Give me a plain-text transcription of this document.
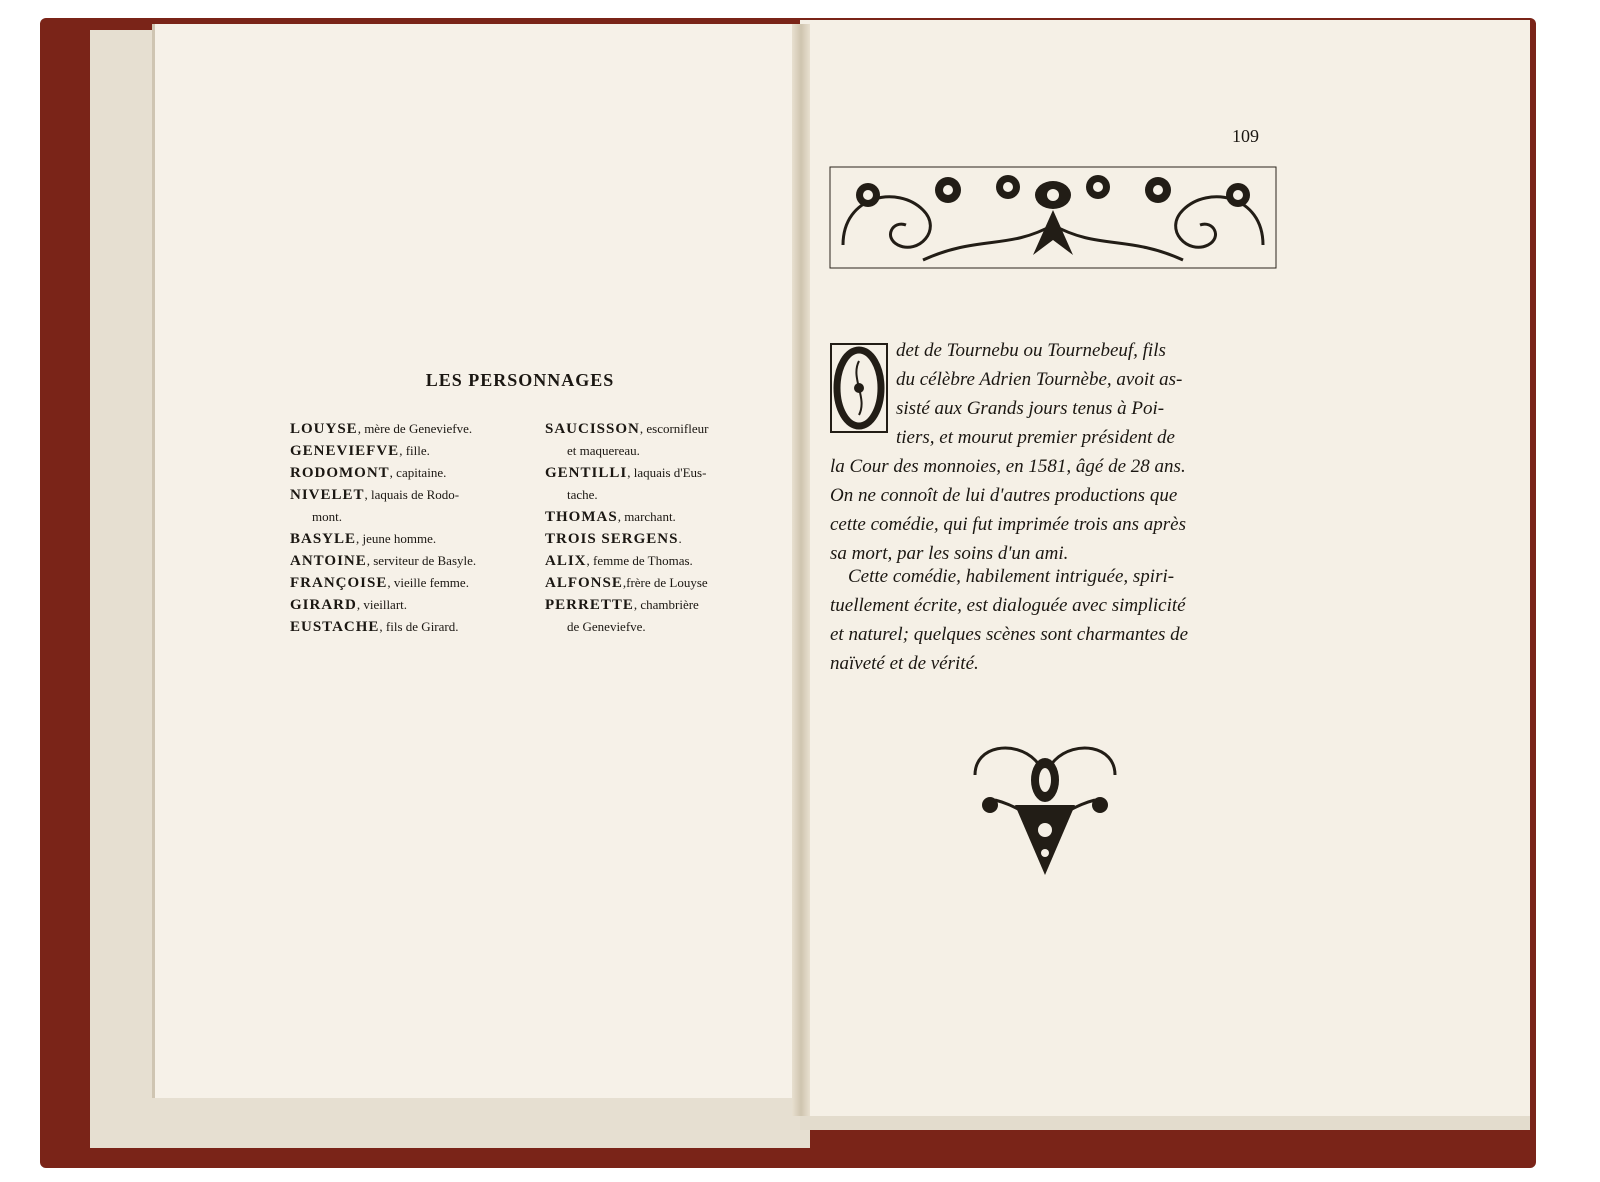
LES PERSONNAGES
LOUYSE, mère de Geneviefve.
GENEVIEFVE, fille.
RODOMONT, capitaine.
NIVELET, laquais de Rodo-
mont.
BASYLE, jeune homme.
ANTOINE, serviteur de Basyle.
FRANÇOISE, vieille femme.
GIRARD, vieillart.
EUSTACHE, fils de Girard.
SAUCISSON, escornifleur
et maquereau.
GENTILLI, laquais d'Eus-
tache.
THOMAS, marchant.
TROIS SERGENS.
ALIX, femme de Thomas.
ALFONSE,frère de Louyse
PERRETTE, chambrière
de Geneviefve.
109
det de Tournebu ou Tournebeuf, fils
du célèbre Adrien Tournèbe, avoit as-
sisté aux Grands jours tenus à Poi-
tiers, et mourut premier président de
la Cour des monnoies, en 1581, âgé de 28 ans.
On ne connoît de lui d'autres productions que
cette comédie, qui fut imprimée trois ans après
sa mort, par les soins d'un ami.
Cette comédie, habilement intriguée, spiri-
tuellement écrite, est dialoguée avec simplicité
et naturel; quelques scènes sont charmantes de
naïveté et de vérité.
